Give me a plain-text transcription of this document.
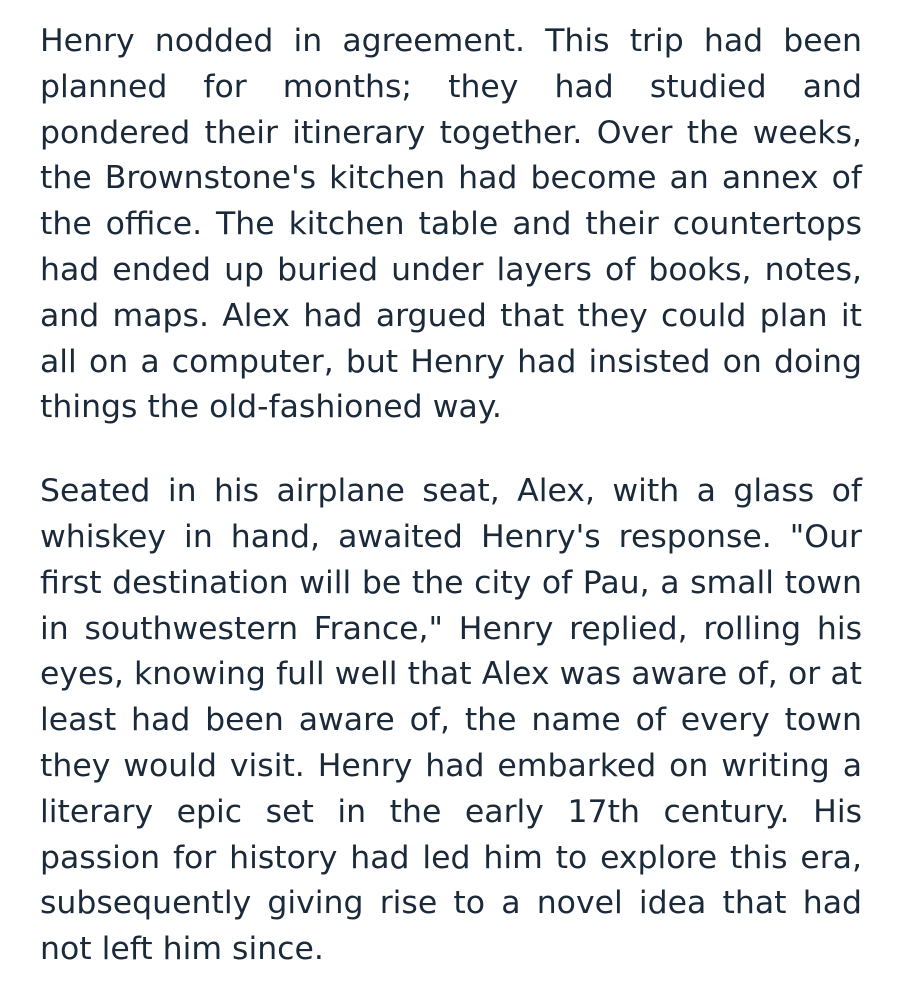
Henry nodded in agreement. This trip had been planned for months; they had studied and pondered their itinerary together. Over the weeks, the Brownstone's kitchen had become an annex of the office. The kitchen table and their countertops had ended up buried under layers of books, notes, and maps. Alex had argued that they could plan it all on a computer, but Henry had insisted on doing things the old-fashioned way.

Seated in his airplane seat, Alex, with a glass of whiskey in hand, awaited Henry's response. "Our first destination will be the city of Pau, a small town in southwestern France," Henry replied, rolling his eyes, knowing full well that Alex was aware of, or at least had been aware of, the name of every town they would visit. Henry had embarked on writing a literary epic set in the early 17th century. His passion for history had led him to explore this era, subsequently giving rise to a novel idea that had not left him since.
